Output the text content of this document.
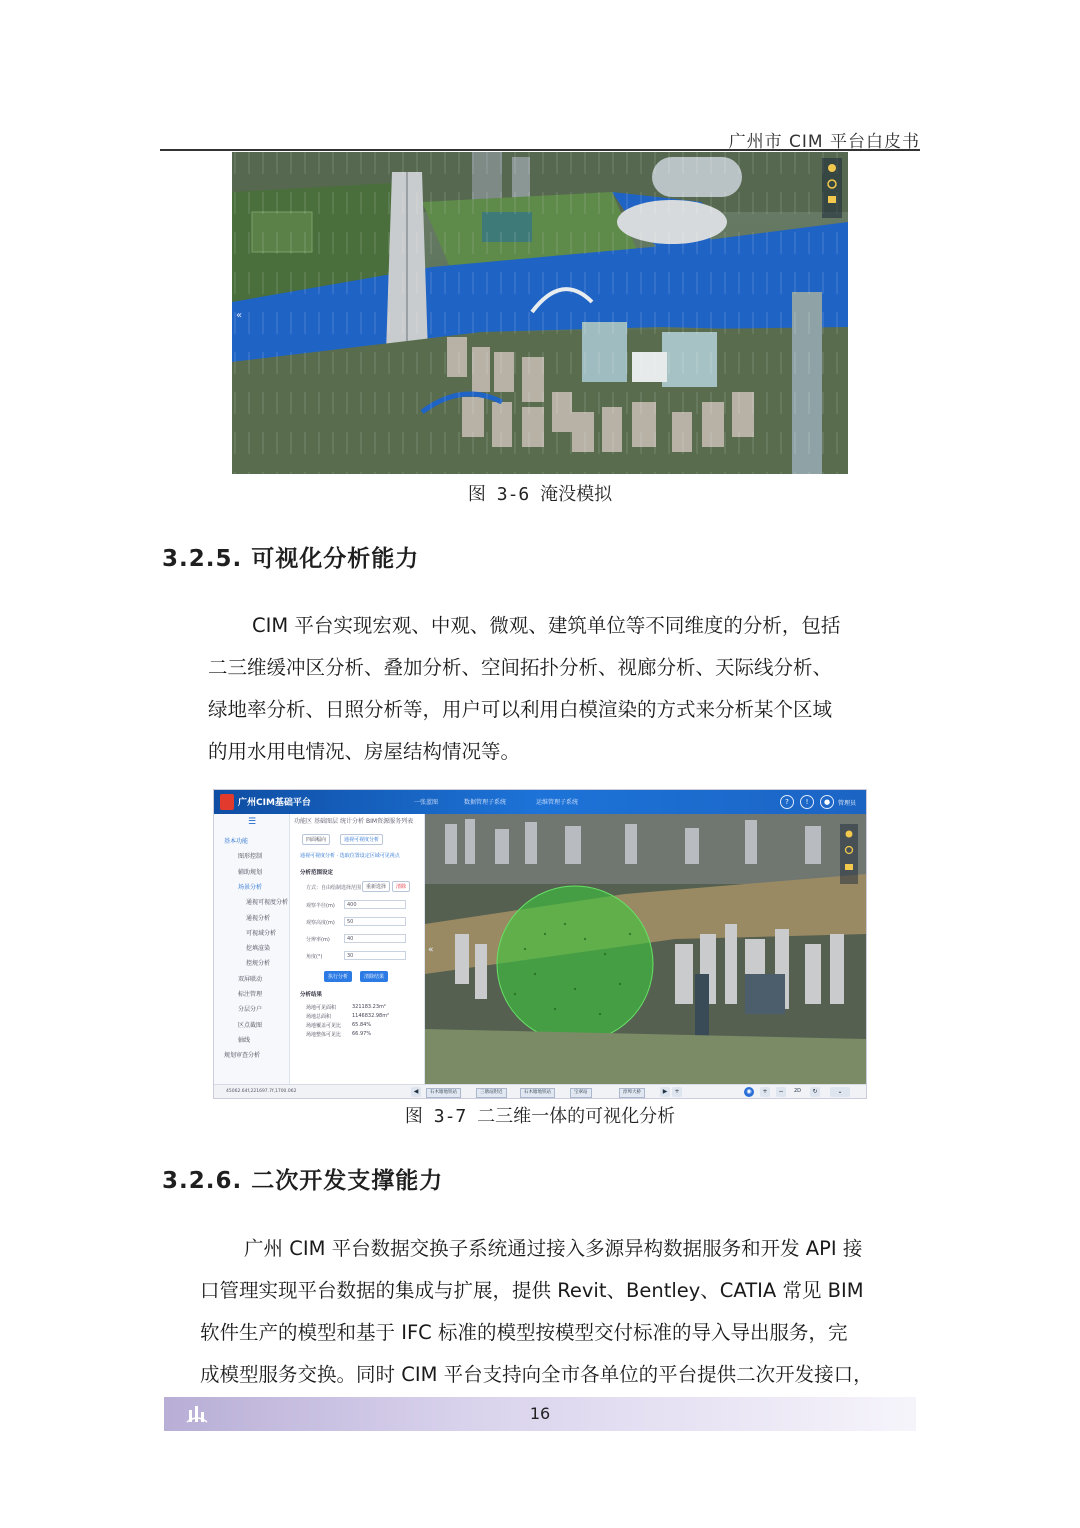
广州市 CIM 平台白皮书
«
图 3-6 淹没模拟
3.2.5. 可视化分析能力
CIM 平台实现宏观、中观、微观、建筑单位等不同维度的分析，包括
二三维缓冲区分析、叠加分析、空间拓扑分析、视廊分析、天际线分析、
绿地率分析、日照分析等，用户可以利用白模渲染的方式来分析某个区域
的用水用电情况、房屋结构情况等。
广州CIM基础平台	一张蓝图	数据管理子系统	运维管理子系统	?	!	●	管理员
☰
基本功能
图形控制
辅助规划
场景分析
通视可视度分析
通视分析
可视域分析
挖填渲染
控规分析
双屏联动
标注管理
分层分户
区点截图
轴线
规划审查分析
功能区 基础图层 统计分析 BIM资源服务列表
四面幅向	通视可视度分析
通视可视度分析 · 选取位置设定区域可见视点
分析范围设定
方式：自由绘制选择范围 重新选择	清除
观察半径(m)	400
观察高度(m)	50
分辨率(m)	40
角度(°)	30
执行分析	清除结果
分析结果
场地可见面积	321183.23m²
场地总面积	1146832.98m²
场地覆盖可见比 65.84%
场地整体可见比 66.97%
«
45062.64f,221697.7f,1700.062	◀	石木塘地铁站	三塘站附近	石木塘地铁站	宝翠站	淳埠大桥	▶	+	◉	+	−	2D	↻	⌄
图 3-7 二三维一体的可视化分析
3.2.6. 二次开发支撑能力
广州 CIM 平台数据交换子系统通过接入多源异构数据服务和开发 API 接
口管理实现平台数据的集成与扩展，提供 Revit、Bentley、CATIA 常见 BIM
软件生产的模型和基于 IFC 标准的模型按模型交付标准的导入导出服务，完
成模型服务交换。同时 CIM 平台支持向全市各单位的平台提供二次开发接口，
16
